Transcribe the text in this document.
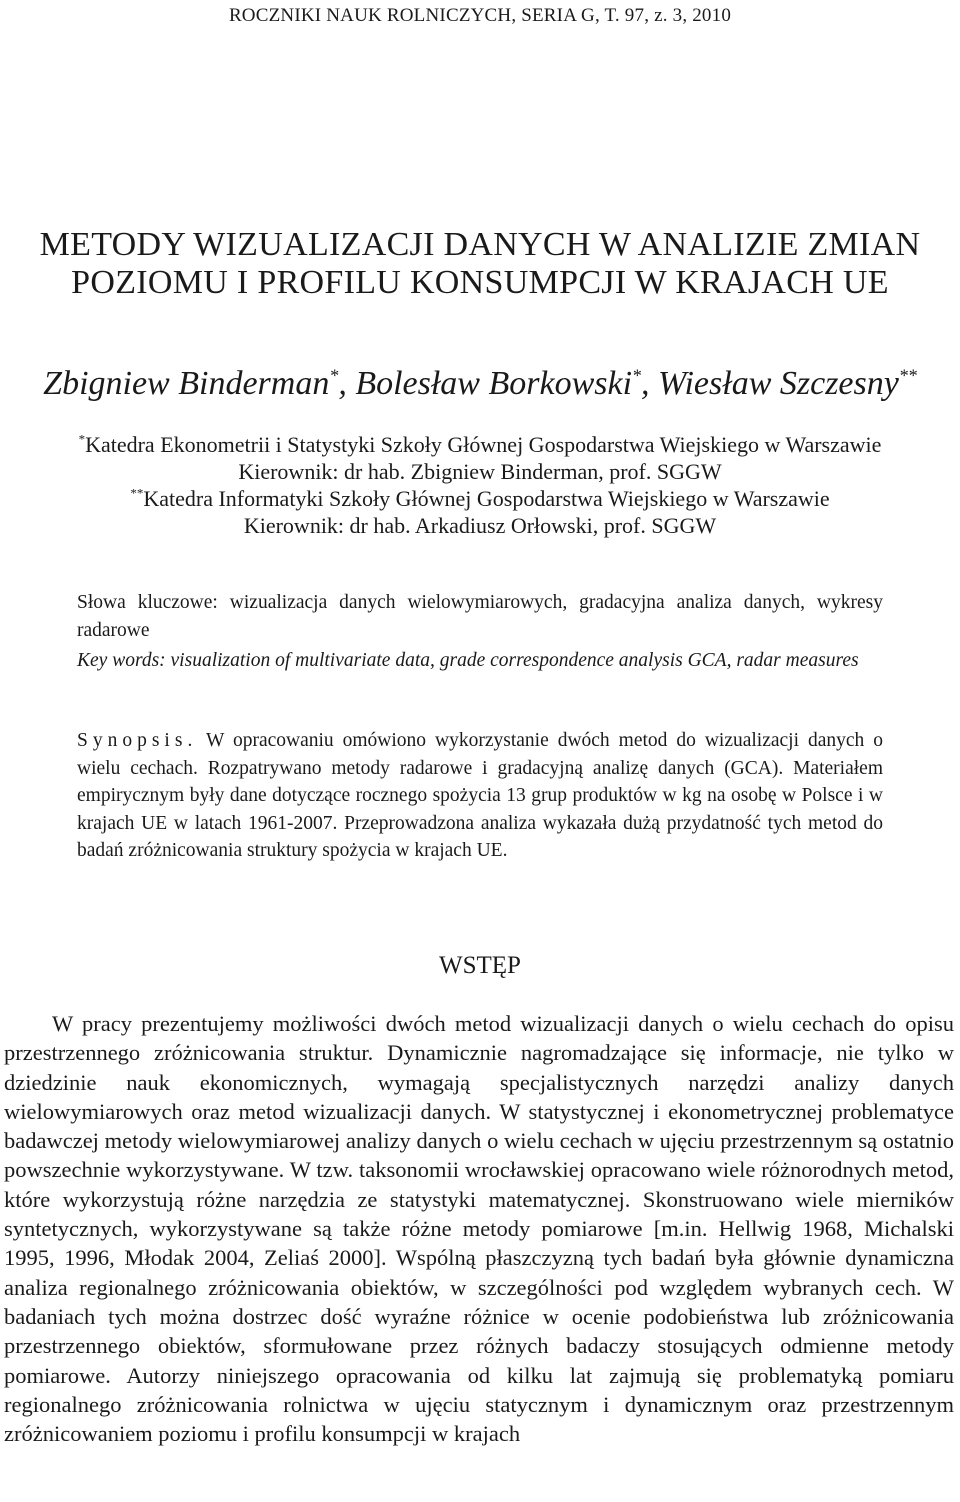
ROCZNIKI NAUK ROLNICZYCH, SERIA G, T. 97, z. 3, 2010
METODY WIZUALIZACJI DANYCH W ANALIZIE ZMIAN
POZIOMU I PROFILU KONSUMPCJI W KRAJACH UE
Zbigniew Binderman*, Bolesław Borkowski*, Wiesław Szczesny**
*Katedra Ekonometrii i Statystyki Szkoły Głównej Gospodarstwa Wiejskiego w Warszawie
Kierownik: dr hab. Zbigniew Binderman, prof. SGGW
**Katedra Informatyki Szkoły Głównej Gospodarstwa Wiejskiego w Warszawie
Kierownik: dr hab. Arkadiusz Orłowski, prof. SGGW

Słowa kluczowe: wizualizacja danych wielowymiarowych, gradacyjna analiza danych, wykresy radarowe

Key words: visualization of multivariate data, grade correspondence analysis GCA, radar measures

Synopsis. W opracowaniu omówiono wykorzystanie dwóch metod do wizualizacji danych o wielu cechach. Rozpatrywano metody radarowe i gradacyjną analizę danych (GCA). Materiałem empirycznym były dane dotyczące rocznego spożycia 13 grup produktów w kg na osobę w Polsce i w krajach UE w latach 1961-2007. Przeprowadzona analiza wykazała dużą przydatność tych metod do badań zróżnicowania struktury spożycia w krajach UE.

WSTĘP

W pracy prezentujemy możliwości dwóch metod wizualizacji danych o wielu cechach do opisu przestrzennego zróżnicowania struktur. Dynamicznie nagromadzające się informacje, nie tylko w dziedzinie nauk ekonomicznych, wymagają specjalistycznych narzędzi analizy danych wielowymiarowych oraz metod wizualizacji danych. W statystycznej i ekonometrycznej problematyce badawczej metody wielowymiarowej analizy danych o wielu cechach w ujęciu przestrzennym są ostatnio powszechnie wykorzystywane. W tzw. taksonomii wrocławskiej opracowano wiele różnorodnych metod, które wykorzystują różne narzędzia ze statystyki matematycznej. Skonstruowano wiele mierników syntetycznych, wykorzystywane są także różne metody pomiarowe [m.in. Hellwig 1968, Michalski 1995, 1996, Młodak 2004, Zeliaś 2000]. Wspólną płaszczyzną tych badań była głównie dynamiczna analiza regionalnego zróżnicowania obiektów, w szczególności pod względem wybranych cech. W badaniach tych można dostrzec dość wyraźne różnice w ocenie podobieństwa lub zróżnicowania przestrzennego obiektów, sformułowane przez różnych badaczy stosujących odmienne metody pomiarowe. Autorzy niniejszego opracowania od kilku lat zajmują się problematyką pomiaru regionalnego zróżnicowania rolnictwa w ujęciu statycznym i dynamicznym oraz przestrzennym zróżnicowaniem poziomu i profilu konsumpcji w krajach
